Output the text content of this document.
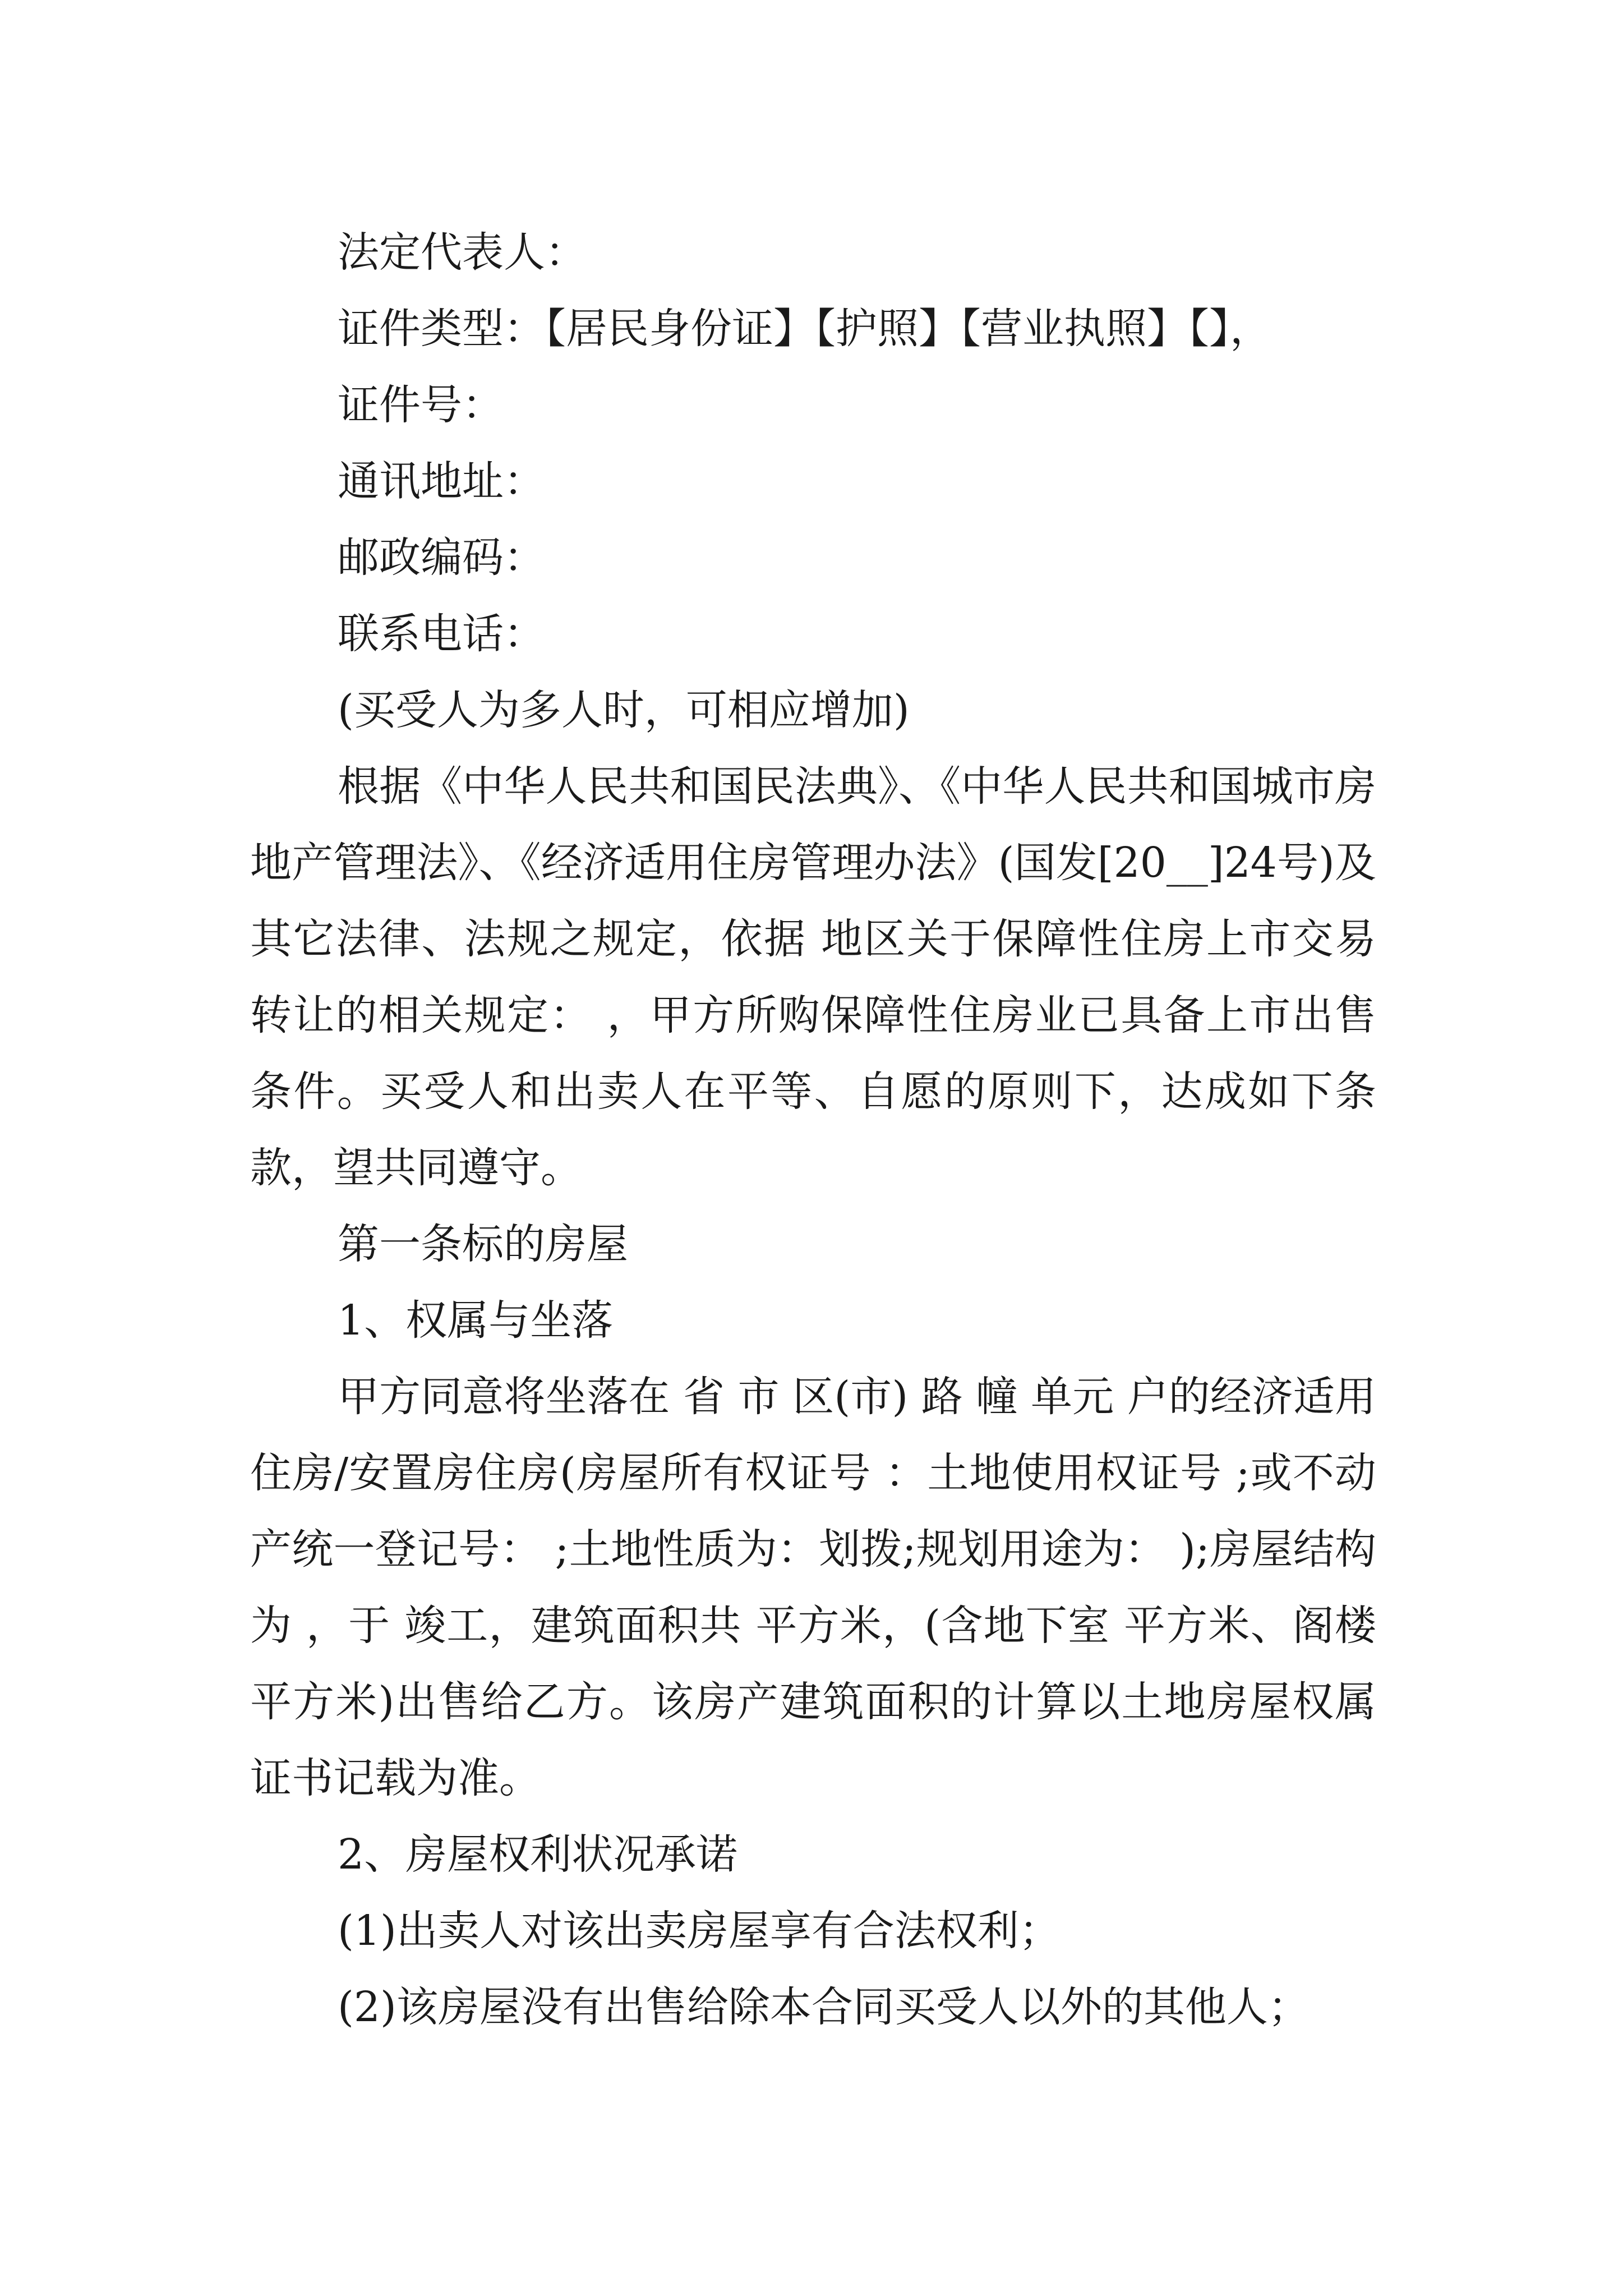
法定代表人：
证件类型：【居民身份证】【护照】【营业执照】【】，
证件号：
通讯地址：
邮政编码：
联系电话：
(买受人为多人时，可相应增加)

根据《中华人民共和国民法典》、《中华人民共和国城市房地产管理法》、《经济适用住房管理办法》(国发[20__]24号)及其它法律、法规之规定，依据 地区关于保障性住房上市交易转让的相关规定： ，甲方所购保障性住房业已具备上市出售条件。买受人和出卖人在平等、自愿的原则下，达成如下条款，望共同遵守。

第一条标的房屋
1、权属与坐落

甲方同意将坐落在 省 市 区(市) 路 幢 单元 户的经济适用住房/安置房住房(房屋所有权证号 ：土地使用权证号 ;或不动产统一登记号： ;土地性质为：划拨;规划用途为： );房屋结构为 ，于 竣工，建筑面积共 平方米，(含地下室 平方米、阁楼 平方米)出售给乙方。该房产建筑面积的计算以土地房屋权属证书记载为准。

2、房屋权利状况承诺
(1)出卖人对该出卖房屋享有合法权利；
(2)该房屋没有出售给除本合同买受人以外的其他人；
